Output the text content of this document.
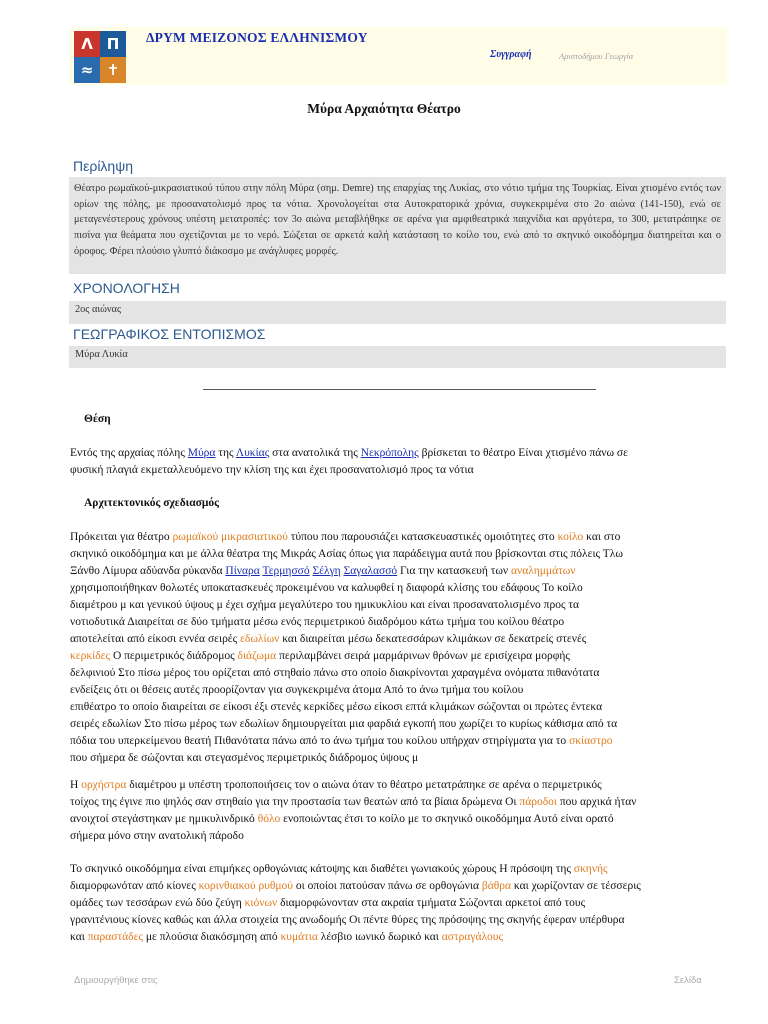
Λ Π
≈ ✝
ΔΡΥΜ ΜΕΙΖΟΝΟΣ ΕΛΛΗΝΙΣΜΟΥ
Συγγραφή	Αριστοδήμου Γεωργία
Μύρα Αρχαιότητα Θέατρο
Περίληψη
Θέατρο ρωμαϊκού-μικρασιατικού τύπου στην πόλη Μύρα (σημ. Demre) της επαρχίας της Λυκίας, στο νότιο τμήμα της Τουρκίας. Είναι χτισμένο εντός των ορίων της πόλης, με προσανατολισμό προς τα νότια. Χρονολογείται στα Αυτοκρατορικά χρόνια, συγκεκριμένα στο 2ο αιώνα (141-150), ενώ σε μεταγενέστερους χρόνους υπέστη μετατροπές: τον 3ο αιώνα μεταβλήθηκε σε αρένα για αμφιθεατρικά παιχνίδια και αργότερα, το 300, μετατράπηκε σε πισίνα για θεάματα που σχετίζονται με το νερό. Σώζεται σε αρκετά καλή κατάσταση το κοίλο του, ενώ από το σκηνικό οικοδόμημα διατηρείται και ο όροφος. Φέρει πλούσιο γλυπτό διάκοσμο με ανάγλυφες μορφές.
ΧΡΟΝΟΛΟΓΗΣΗ
2ος αιώνας
ΓΕΩΓΡΑΦΙΚΟΣ ΕΝΤΟΠΙΣΜΟΣ
Μύρα Λυκία
Θέση
Εντός της αρχαίας πόλης Μύρα της Λυκίας στα ανατολικά της Νεκρόπολης βρίσκεται το θέατρο Είναι χτισμένο πάνω σε
φυσική πλαγιά εκμεταλλευόμενο την κλίση της και έχει προσανατολισμό προς τα νότια
Αρχιτεκτονικός σχεδιασμός
Πρόκειται για θέατρο ρωμαϊκού μικρασιατικού τύπου που παρουσιάζει κατασκευαστικές ομοιότητες στο κοίλο και στο
σκηνικό οικοδόμημα και με άλλα θέατρα της Μικράς Ασίας όπως για παράδειγμα αυτά που βρίσκονται στις πόλεις Τλω
Ξάνθο Λίμυρα αδύανδα ρύκανδα Πίναρα Τερμησσό Σέλγη Σαγαλασσό Για την κατασκευή των αναλημμάτων
χρησιμοποιήθηκαν θολωτές υποκατασκευές προκειμένου να καλυφθεί η διαφορά κλίσης του εδάφους Το κοίλο
διαμέτρου μ και γενικού ύψους μ έχει σχήμα μεγαλύτερο του ημικυκλίου και είναι προσανατολισμένο προς τα
νοτιοδυτικά Διαιρείται σε δύο τμήματα μέσω ενός περιμετρικού διαδρόμου κάτω τμήμα του κοίλου θέατρο
αποτελείται από είκοσι εννέα σειρές εδωλίων και διαιρείται μέσω δεκατεσσάρων κλιμάκων σε δεκατρείς στενές
κερκίδες Ο περιμετρικός διάδρομος διάζωμα περιλαμβάνει σειρά μαρμάρινων θρόνων με ερισίχειρα μορφής
δελφινιού Στο πίσω μέρος του ορίζεται από στηθαίο πάνω στο οποίο διακρίνονται χαραγμένα ονόματα πιθανότατα
ενδείξεις ότι οι θέσεις αυτές προορίζονταν για συγκεκριμένα άτομα Από το άνω τμήμα του κοίλου
επιθέατρο το οποίο διαιρείται σε είκοσι έξι στενές κερκίδες μέσω είκοσι επτά κλιμάκων σώζονται οι πρώτες έντεκα
σειρές εδωλίων Στο πίσω μέρος των εδωλίων δημιουργείται μια φαρδιά εγκοπή που χωρίζει το κυρίως κάθισμα από τα
πόδια του υπερκείμενου θεατή Πιθανότατα πάνω από το άνω τμήμα του κοίλου υπήρχαν στηρίγματα για το σκίαστρο
που σήμερα δε σώζονται και στεγασμένος περιμετρικός διάδρομος ύψους μ
Η ορχήστρα διαμέτρου μ υπέστη τροποποιήσεις τον ο αιώνα όταν το θέατρο μετατράπηκε σε αρένα ο περιμετρικός
τοίχος της έγινε πιο ψηλός σαν στηθαίο για την προστασία των θεατών από τα βίαια δρώμενα Οι πάροδοι που αρχικά ήταν
ανοιχτοί στεγάστηκαν με ημικυλινδρικό θόλο ενοποιώντας έτσι το κοίλο με το σκηνικό οικοδόμημα Αυτό είναι ορατό
σήμερα μόνο στην ανατολική πάροδο
Το σκηνικό οικοδόμημα είναι επιμήκες ορθογώνιας κάτοψης και διαθέτει γωνιακούς χώρους Η πρόσοψη της σκηνής
διαμορφωνόταν από κίονες κορινθιακού ρυθμού οι οποίοι πατούσαν πάνω σε ορθογώνια βάθρα και χωρίζονταν σε τέσσερις
ομάδες των τεσσάρων ενώ δύο ζεύγη κιόνων διαμορφώνονταν στα ακραία τμήματα Σώζονται αρκετοί από τους
γρανιτένιους κίονες καθώς και άλλα στοιχεία της ανωδομής Οι πέντε θύρες της πρόσοψης της σκηνής έφεραν υπέρθυρα
και παραστάδες με πλούσια διακόσμηση από κυμάτια λέσβιο ιωνικό δωρικό και αστραγάλους
Δημιουργήθηκε στις	Σελίδα
